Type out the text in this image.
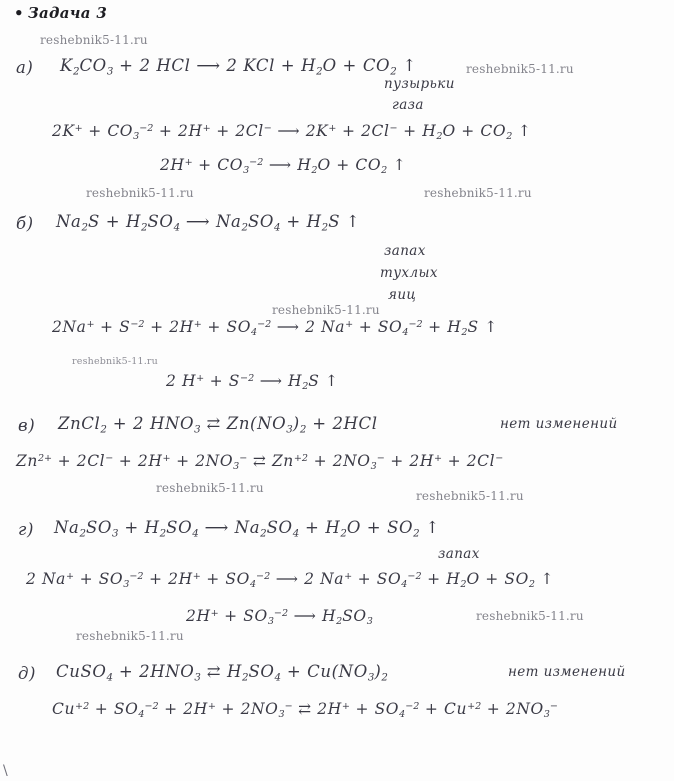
• Задача 3
reshebnik5-11.ru
reshebnik5-11.ru
reshebnik5-11.ru	reshebnik5-11.ru
reshebnik5-11.ru
reshebnik5-11.ru
reshebnik5-11.ru
reshebnik5-11.ru
reshebnik5-11.ru
reshebnik5-11.ru
а) $K_2CO_3 + 2$ HCl ⟶ 2 KCl + $H_2O + CO_2$ ↑
пузырьки
газа
$2K^+ + CO_3^{-2} + 2H^+ + 2Cl^-$ ⟶ $2K^+ + 2Cl^- + H_2O + CO_2$ ↑
$2H^+ + CO_3^{-2}$ ⟶ $H_2O + CO_2$ ↑
б) $Na_2S + H_2SO_4$ ⟶ $Na_2SO_4 + H_2S$ ↑
запах
тухлых
яиц
$2Na^+ + S^{-2} + 2H^+ + SO_4^{-2}$ ⟶ 2 $Na^+ + SO_4^{-2} + H_2S$ ↑
2 $H^+ + S^{-2}$ ⟶ $H_2S$ ↑
в) ZnCl$_2$ + 2 $HNO_3$ ⇄ $Zn(NO_3)_2 + 2HCl$	нет изменений
$Zn^{2+} + 2Cl^- + 2H^+ + 2NO_3^-$ ⇄ $Zn^{+2} + 2NO_3^- + 2H^+ + 2Cl^-$
г) $Na_2SO_3 + H_2SO_4$ ⟶ $Na_2SO_4 + H_2O + SO_2$ ↑
запах
2 $Na^+ + SO_3^{-2} + 2H^+ + SO_4^{-2}$ ⟶ 2 $Na^+ + SO_4^{-2} + H_2O + SO_2$ ↑
$2H^+ + SO_3^{-2}$ ⟶ $H_2SO_3$
д) CuSO$_4$ + $2HNO_3$ ⇄ $H_2SO_4 + Cu(NO_3)_2$	нет изменений
$Cu^{+2} + SO_4^{-2} + 2H^+ + 2NO_3^-$ ⇄ $2H^+ + SO_4^{-2} + Cu^{+2} + 2NO_3^-$
\
